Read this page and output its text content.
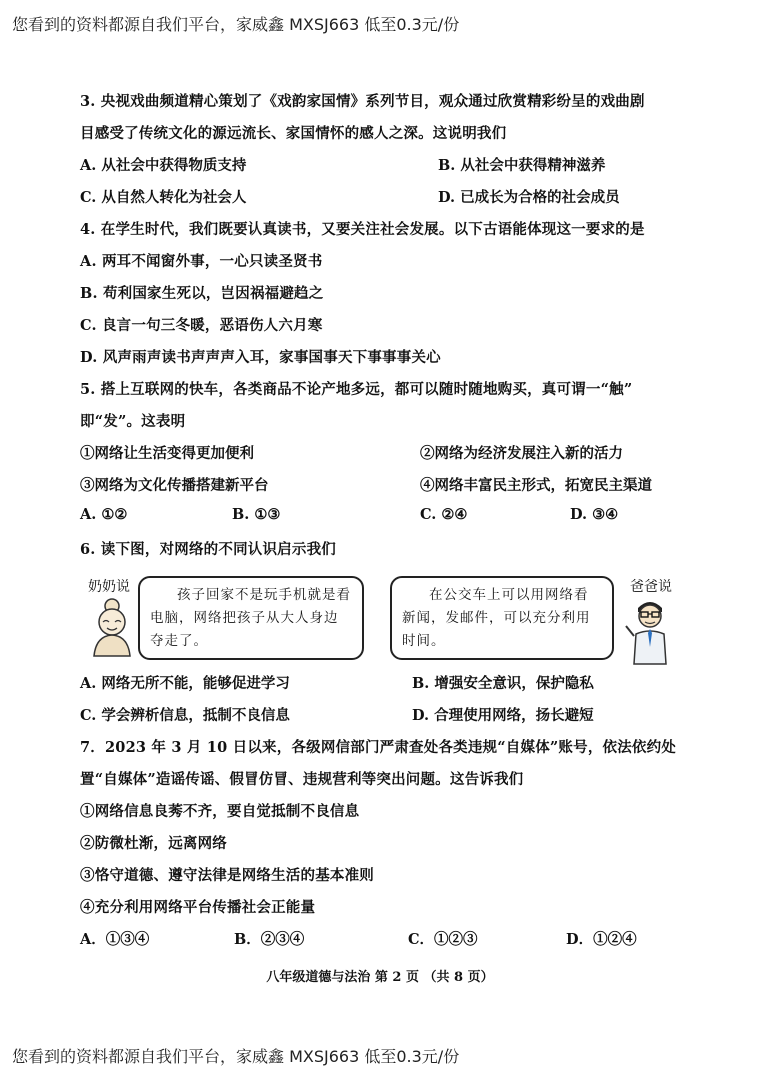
您看到的资料都源自我们平台，家威鑫 MXSJ663 低至0.3元/份
3. 央视戏曲频道精心策划了《戏韵家国情》系列节目，观众通过欣赏精彩纷呈的戏曲剧
目感受了传统文化的源远流长、家国情怀的感人之深。这说明我们
A. 从社会中获得物质支持	B. 从社会中获得精神滋养
C. 从自然人转化为社会人	D. 已成长为合格的社会成员
4. 在学生时代，我们既要认真读书，又要关注社会发展。以下古语能体现这一要求的是
A. 两耳不闻窗外事，一心只读圣贤书
B. 苟利国家生死以，岂因祸福避趋之
C. 良言一句三冬暖，恶语伤人六月寒
D. 风声雨声读书声声声入耳，家事国事天下事事事关心
5. 搭上互联网的快车，各类商品不论产地多远，都可以随时随地购买，真可谓一“触”
即“发”。这表明
①网络让生活变得更加便利	②网络为经济发展注入新的活力
③网络为文化传播搭建新平台	④网络丰富民主形式，拓宽民主渠道
A. ①②	B. ①③	C. ②④	D. ③④
6. 读下图，对网络的不同认识启示我们
奶奶说	孩子回家不是玩手机就是看电脑，网络把孩子从大人身边夺走了。
在公交车上可以用网络看新闻，发邮件，可以充分利用时间。
爸爸说
A. 网络无所不能，能够促进学习	B. 增强安全意识，保护隐私
C. 学会辨析信息，抵制不良信息	D. 合理使用网络，扬长避短
7．2023 年 3 月 10 日以来，各级网信部门严肃查处各类违规“自媒体”账号，依法依约处
置“自媒体”造谣传谣、假冒仿冒、违规营利等突出问题。这告诉我们
①网络信息良莠不齐，要自觉抵制不良信息
②防微杜渐，远离网络
③恪守道德、遵守法律是网络生活的基本准则
④充分利用网络平台传播社会正能量
A．①③④	B．②③④	C．①②③	D．①②④
八年级道德与法治 第 2 页 （共 8 页）
您看到的资料都源自我们平台，家威鑫 MXSJ663 低至0.3元/份
